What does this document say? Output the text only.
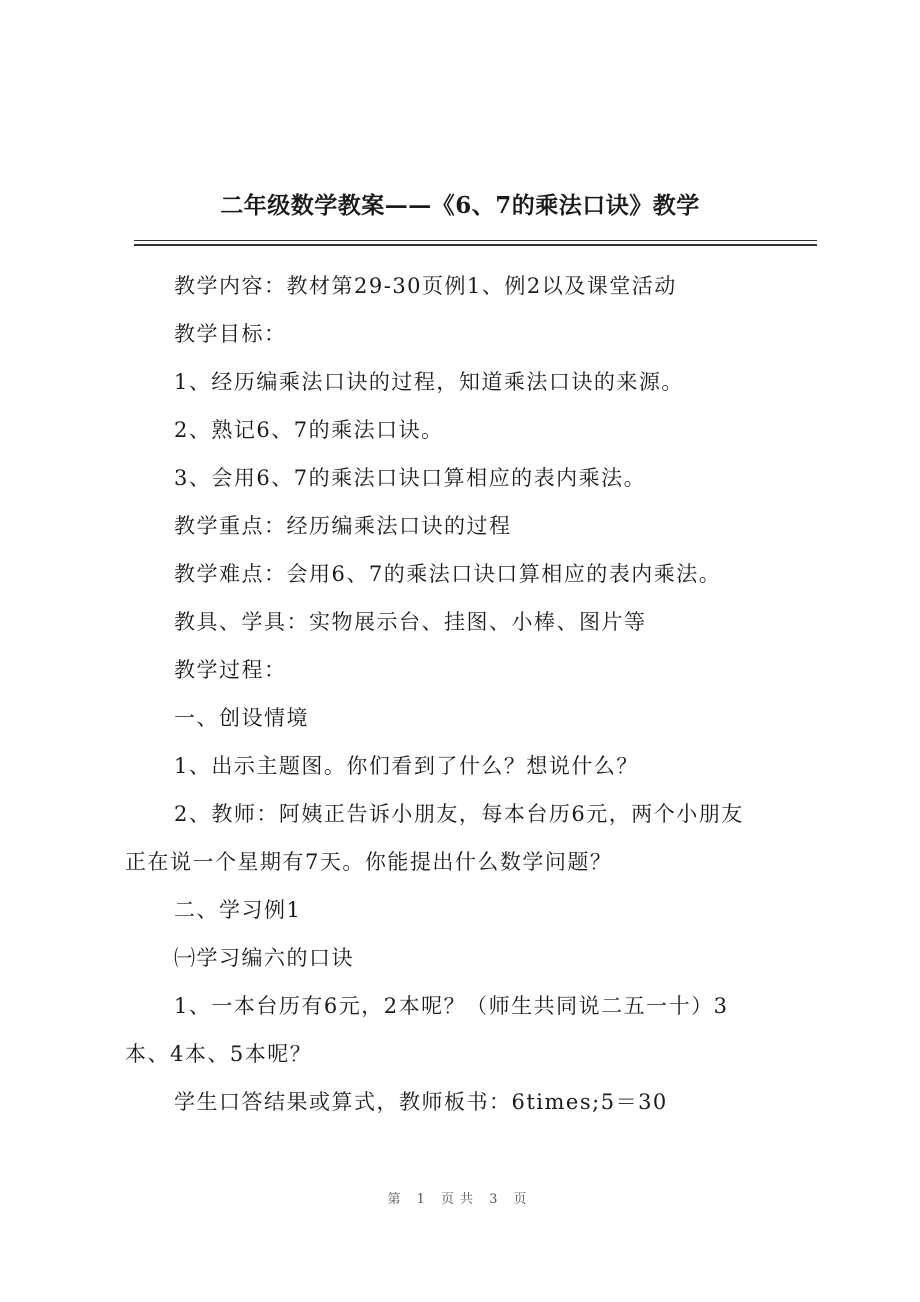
二年级数学教案——《6、7的乘法口诀》教学
教学内容：教材第29-30页例1、例2以及课堂活动
教学目标：
1、经历编乘法口诀的过程，知道乘法口诀的来源。
2、熟记6、7的乘法口诀。
3、会用6、7的乘法口诀口算相应的表内乘法。
教学重点：经历编乘法口诀的过程
教学难点：会用6、7的乘法口诀口算相应的表内乘法。
教具、学具：实物展示台、挂图、小棒、图片等
教学过程：
一、创设情境
1、出示主题图。你们看到了什么？想说什么？
2、教师：阿姨正告诉小朋友，每本台历6元，两个小朋友
正在说一个星期有7天。你能提出什么数学问题？
二、学习例1
㈠学习编六的口诀
1、一本台历有6元，2本呢？（师生共同说二五一十）3
本、4本、5本呢？
学生口答结果或算式，教师板书：6times;5＝30
第 1 页共 3 页
